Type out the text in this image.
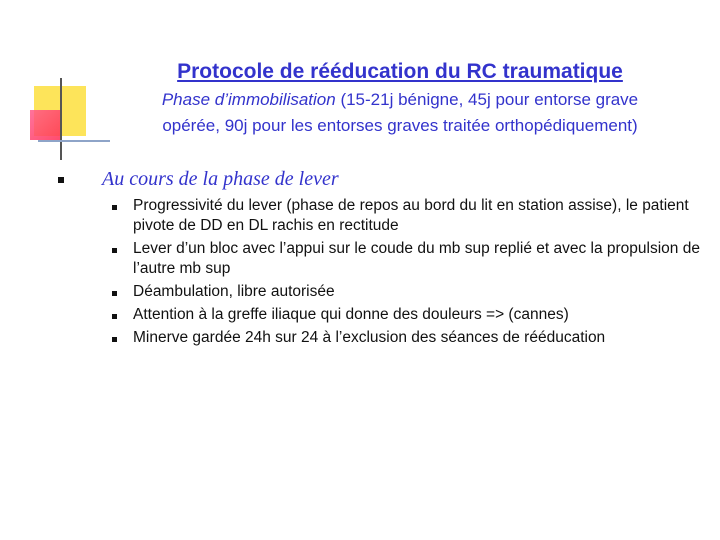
Protocole de rééducation du RC traumatique
Phase d’immobilisation (15-21j bénigne, 45j pour entorse grave
opérée, 90j pour les entorses graves traitée orthopédiquement)
Au cours de la phase de lever
Progressivité du lever (phase de repos au bord du lit en station assise), le patient pivote de DD en DL rachis en rectitude
Lever d’un bloc avec l’appui sur le coude du mb sup replié et avec la propulsion de l’autre mb sup
Déambulation, libre autorisée
Attention à la greffe iliaque qui donne des douleurs => (cannes)
Minerve gardée 24h sur 24 à l’exclusion des séances de rééducation
